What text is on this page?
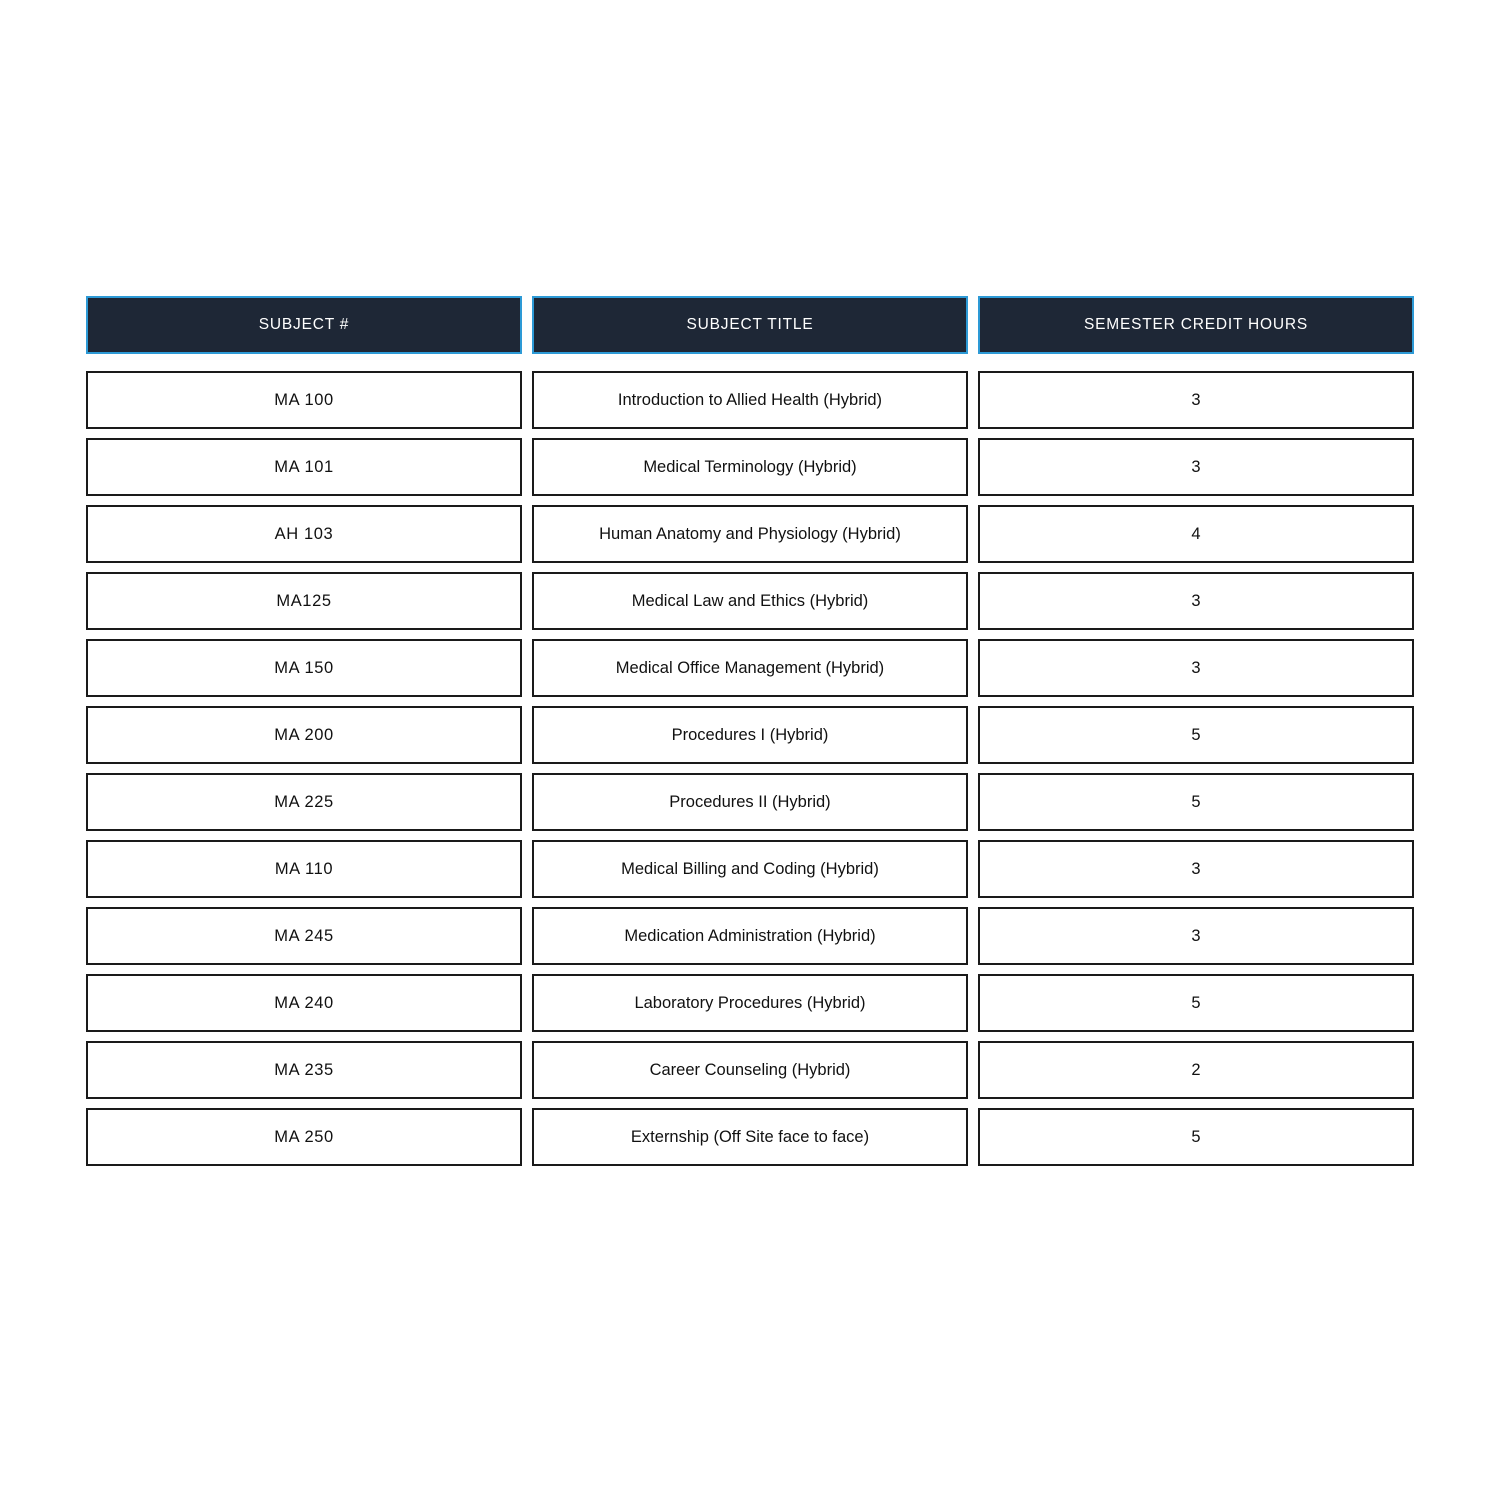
SUBJECT #	SUBJECT TITLE	SEMESTER CREDIT HOURS
MA 100	Introduction to Allied Health (Hybrid)	3
MA 101	Medical Terminology (Hybrid)	3
AH 103	Human Anatomy and Physiology (Hybrid)	4
MA125	Medical Law and Ethics (Hybrid)	3
MA 150	Medical Office Management (Hybrid)	3
MA 200	Procedures I (Hybrid)	5
MA 225	Procedures II (Hybrid)	5
MA 110	Medical Billing and Coding (Hybrid)	3
MA 245	Medication Administration (Hybrid)	3
MA 240	Laboratory Procedures (Hybrid)	5
MA 235	Career Counseling (Hybrid)	2
MA 250	Externship (Off Site face to face)	5
